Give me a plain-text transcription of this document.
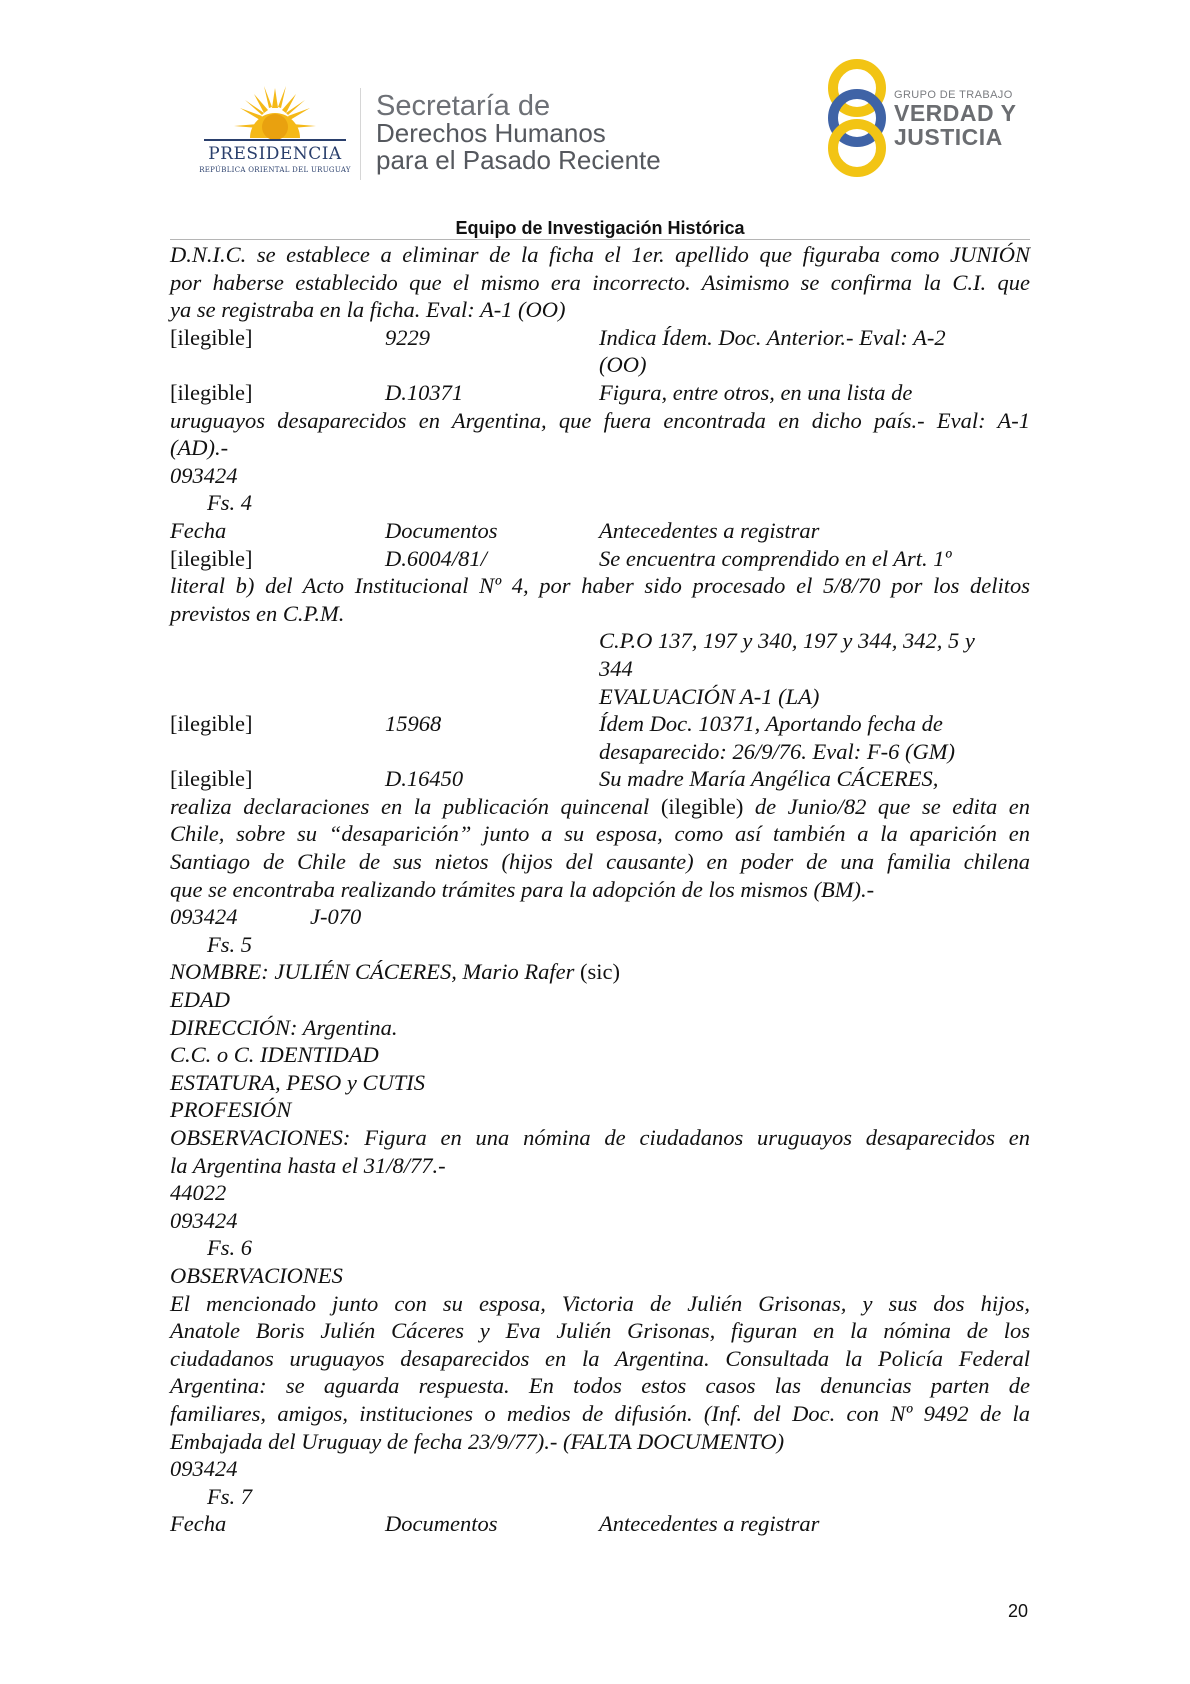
PRESIDENCIA
REPÚBLICA ORIENTAL DEL URUGUAY
Secretaría de
Derechos Humanos
para el Pasado Reciente
GRUPO DE TRABAJO
VERDAD Y
JUSTICIA
Equipo de Investigación Histórica
D.N.I.C. se establece a eliminar de la ficha el 1er. apellido que figuraba como JUNIÓN
por haberse establecido que el mismo era incorrecto. Asimismo se confirma la C.I. que
ya se registraba en la ficha. Eval: A-1 (OO)
[ilegible]	9229	Indica Ídem. Doc. Anterior.- Eval: A-2
(OO)
[ilegible]	D.10371	Figura, entre otros, en una lista de
uruguayos desaparecidos en Argentina, que fuera encontrada en dicho país.- Eval: A-1
(AD).-
093424
Fs. 4
Fecha	Documentos	Antecedentes a registrar
[ilegible]	D.6004/81/	Se encuentra comprendido en el Art. 1º
literal b) del Acto Institucional Nº 4, por haber sido procesado el 5/8/70 por los delitos
previstos en C.P.M.
C.P.O 137, 197 y 340, 197 y 344, 342, 5 y
344
EVALUACIÓN A-1 (LA)
[ilegible]	15968	Ídem Doc. 10371, Aportando fecha de
desaparecido: 26/9/76. Eval: F-6 (GM)
[ilegible]	D.16450	Su madre María Angélica CÁCERES,
realiza declaraciones en la publicación quincenal (ilegible) de Junio/82 que se edita en
Chile, sobre su “desaparición” junto a su esposa, como así también a la aparición en
Santiago de Chile de sus nietos (hijos del causante) en poder de una familia chilena
que se encontraba realizando trámites para la adopción de los mismos (BM).-
093424	J-070
Fs. 5
NOMBRE: JULIÉN CÁCERES, Mario Rafer (sic)
EDAD
DIRECCIÓN: Argentina.
C.C. o C. IDENTIDAD
ESTATURA, PESO y CUTIS
PROFESIÓN
OBSERVACIONES: Figura en una nómina de ciudadanos uruguayos desaparecidos en
la Argentina hasta el 31/8/77.-
44022
093424
Fs. 6
OBSERVACIONES
El mencionado junto con su esposa, Victoria de Julién Grisonas, y sus dos hijos,
Anatole Boris Julién Cáceres y Eva Julién Grisonas, figuran en la nómina de los
ciudadanos uruguayos desaparecidos en la Argentina. Consultada la Policía Federal
Argentina: se aguarda respuesta. En todos estos casos las denuncias parten de
familiares, amigos, instituciones o medios de difusión. (Inf. del Doc. con Nº 9492 de la
Embajada del Uruguay de fecha 23/9/77).- (FALTA DOCUMENTO)
093424
Fs. 7
Fecha	Documentos	Antecedentes a registrar
20
